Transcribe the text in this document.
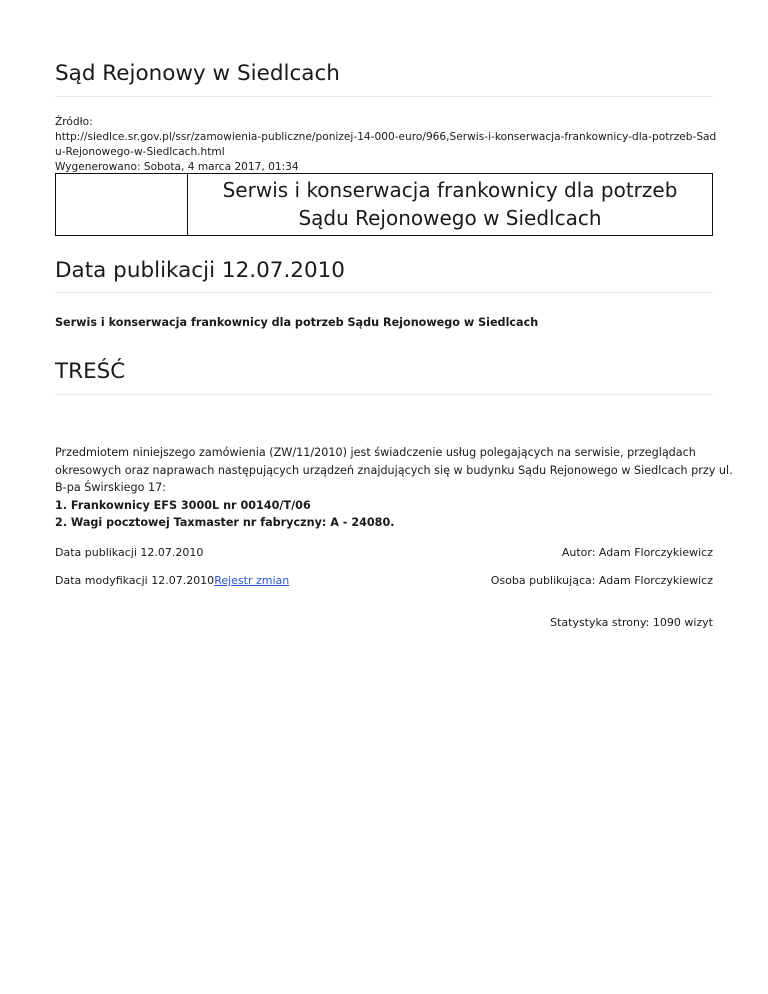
Sąd Rejonowy w Siedlcach
Źródło:
http://siedlce.sr.gov.pl/ssr/zamowienia-publiczne/ponizej-14-000-euro/966,Serwis-i-konserwacja-frankownicy-dla-potrzeb-Sad
u-Rejonowego-w-Siedlcach.html
Wygenerowano: Sobota, 4 marca 2017, 01:34
Serwis i konserwacja frankownicy dla potrzeb
Sądu Rejonowego w Siedlcach
Data publikacji 12.07.2010
Serwis i konserwacja frankownicy dla potrzeb Sądu Rejonowego w Siedlcach
TREŚĆ
Przedmiotem niniejszego zamówienia (ZW/11/2010) jest świadczenie usług polegających na serwisie, przeglądach
okresowych oraz naprawach następujących urządzeń znajdujących się w budynku Sądu Rejonowego w Siedlcach przy ul.
B-pa Świrskiego 17:
1. Frankownicy EFS 3000L nr 00140/T/06
2. Wagi pocztowej Taxmaster nr fabryczny: A - 24080.
Data publikacji 12.07.2010	Autor: Adam Florczykiewicz
Data modyfikacji 12.07.2010Rejestr zmian	Osoba publikująca: Adam Florczykiewicz
Statystyka strony: 1090 wizyt
